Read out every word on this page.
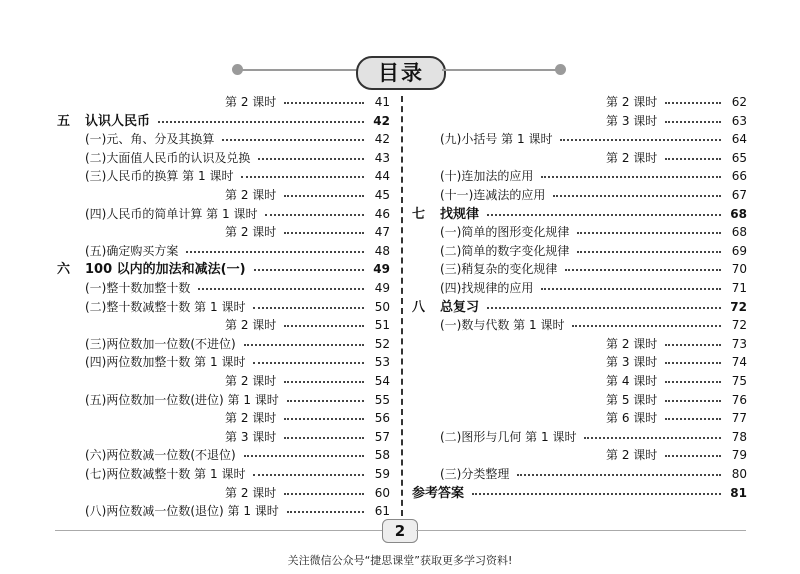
目录
第 2 课时	41
五 认识人民币	42
(一)元、角、分及其换算	42
(二)大面值人民币的认识及兑换	43
(三)人民币的换算 第 1 课时	44
第 2 课时	45
(四)人民币的简单计算 第 1 课时	46
第 2 课时	47
(五)确定购买方案	48
六 100 以内的加法和减法(一)	49
(一)整十数加整十数	49
(二)整十数减整十数 第 1 课时	50
第 2 课时	51
(三)两位数加一位数(不进位)	52
(四)两位数加整十数 第 1 课时	53
第 2 课时	54
(五)两位数加一位数(进位) 第 1 课时	55
第 2 课时	56
第 3 课时	57
(六)两位数减一位数(不退位)	58
(七)两位数减整十数 第 1 课时	59
第 2 课时	60
(八)两位数减一位数(退位) 第 1 课时	61
第 2 课时	62
第 3 课时	63
(九)小括号 第 1 课时	64
第 2 课时	65
(十)连加法的应用	66
(十一)连减法的应用	67
七 找规律	68
(一)简单的图形变化规律	68
(二)简单的数字变化规律	69
(三)稍复杂的变化规律	70
(四)找规律的应用	71
八 总复习	72
(一)数与代数 第 1 课时	72
第 2 课时	73
第 3 课时	74
第 4 课时	75
第 5 课时	76
第 6 课时	77
(二)图形与几何 第 1 课时	78
第 2 课时	79
(三)分类整理	80
参考答案	81
2
关注微信公众号“捷思课堂”获取更多学习资料!
